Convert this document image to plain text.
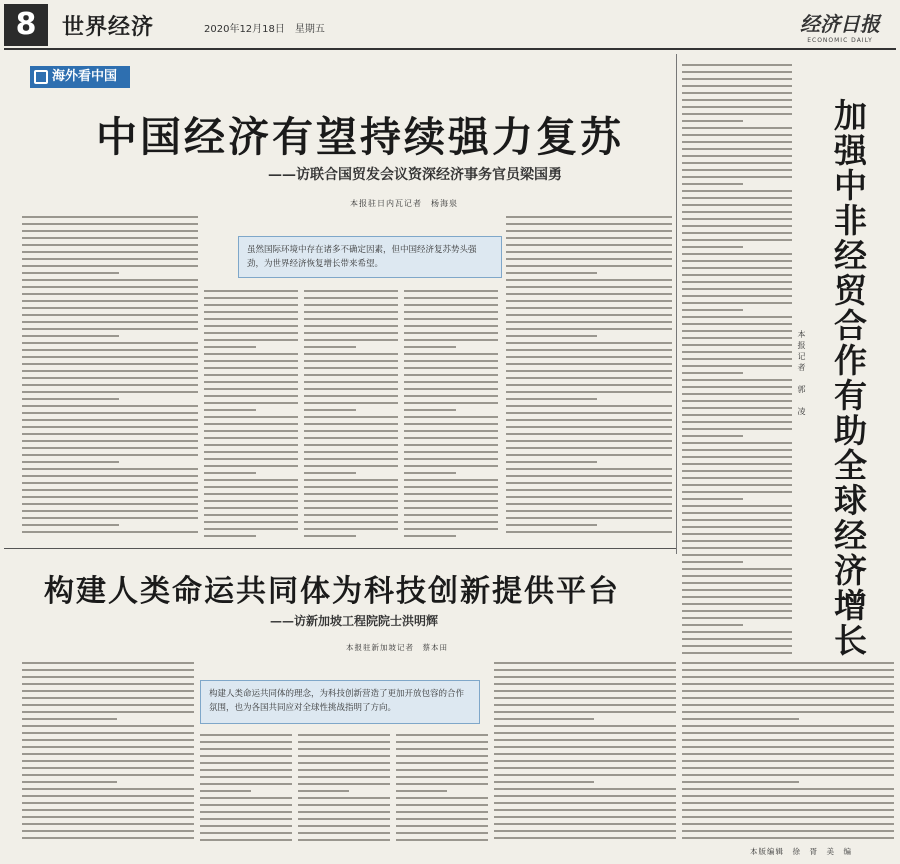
8	世界经济	2020年12月18日　星期五	经济日报
ECONOMIC DAILY
海外看中国
中国经济有望持续强力复苏
——访联合国贸发会议资深经济事务官员梁国勇
本报驻日内瓦记者　杨海泉
虽然国际环境中存在诸多不确定因素，但中国经济复苏势头强劲，为世界经济恢复增长带来希望。	加强中非经贸合作有助全球经济增长
本报记者　郭　凌
构建人类命运共同体为科技创新提供平台
——访新加坡工程院院士洪明辉
本报驻新加坡记者　蔡本田
构建人类命运共同体的理念，为科技创新营造了更加开放包容的合作氛围，也为各国共同应对全球性挑战指明了方向。
本版编辑　徐　胥　美　编
